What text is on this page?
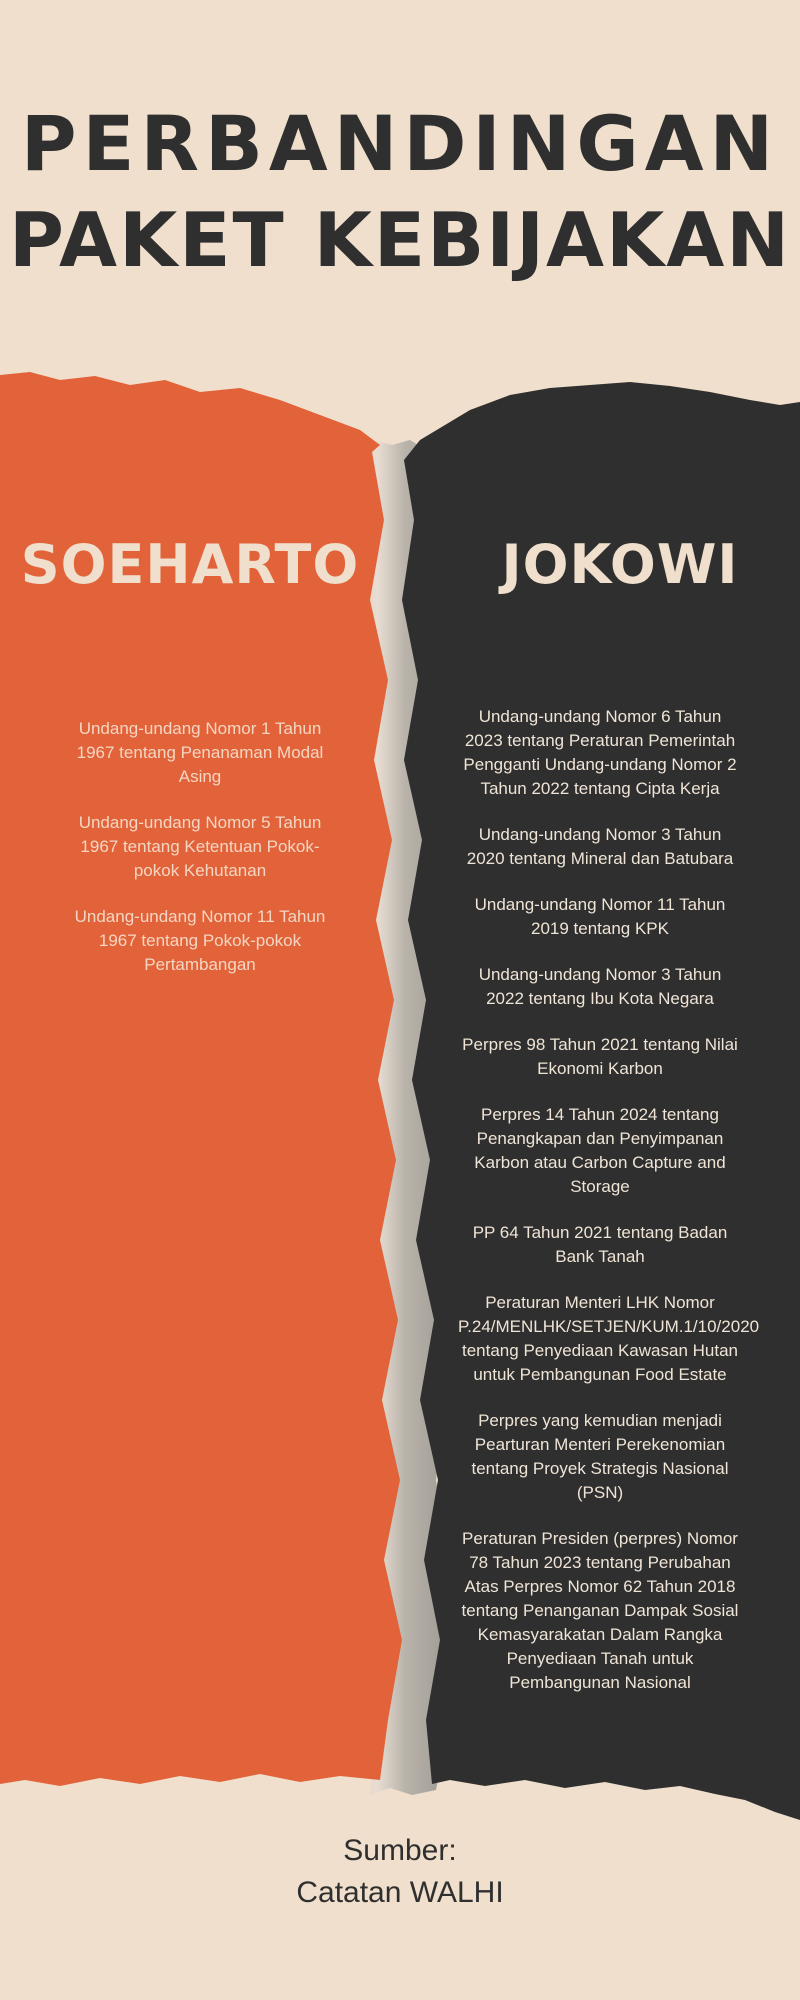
PERBANDINGAN
PAKET KEBIJAKAN
SOEHARTO	JOKOWI
Undang-undang Nomor 1 Tahun 1967 tentang Penanaman Modal Asing
Undang-undang Nomor 5 Tahun 1967 tentang Ketentuan Pokok-pokok Kehutanan
Undang-undang Nomor 11 Tahun 1967 tentang Pokok-pokok Pertambangan
Undang-undang Nomor 6 Tahun 2023 tentang Peraturan Pemerintah Pengganti Undang-undang Nomor 2 Tahun 2022 tentang Cipta Kerja
Undang-undang Nomor 3 Tahun 2020 tentang Mineral dan Batubara
Undang-undang Nomor 11 Tahun 2019 tentang KPK
Undang-undang Nomor 3 Tahun 2022 tentang Ibu Kota Negara
Perpres 98 Tahun 2021 tentang Nilai Ekonomi Karbon
Perpres 14 Tahun 2024 tentang Penangkapan dan Penyimpanan Karbon atau Carbon Capture and Storage
PP 64 Tahun 2021 tentang Badan Bank Tanah
Peraturan Menteri LHK Nomor P.24/MENLHK/SETJEN/KUM.1/10/2020 tentang Penyediaan Kawasan Hutan untuk Pembangunan Food Estate
Perpres yang kemudian menjadi Pearturan Menteri Perekenomian tentang Proyek Strategis Nasional (PSN)
Peraturan Presiden (perpres) Nomor 78 Tahun 2023 tentang Perubahan Atas Perpres Nomor 62 Tahun 2018 tentang Penanganan Dampak Sosial Kemasyarakatan Dalam Rangka Penyediaan Tanah untuk Pembangunan Nasional
Sumber:
Catatan WALHI
